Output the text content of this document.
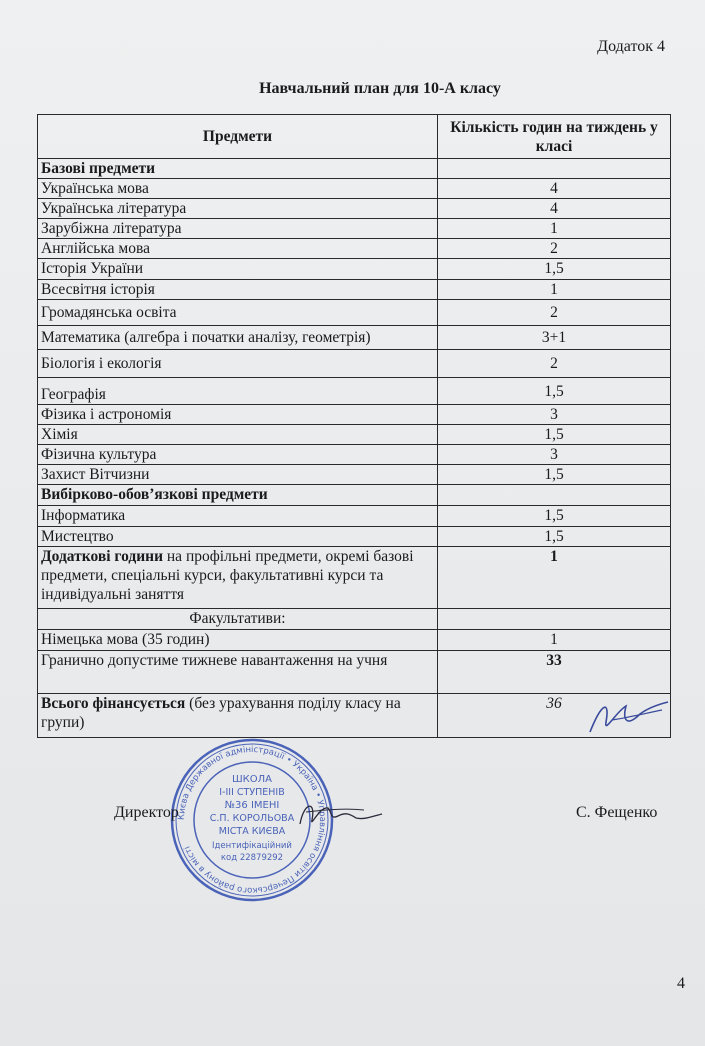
Додаток 4
Навчальний план для 10-А класу
Предмети	Кількість годин на тиждень у класі
Базові предмети	
Українська мова	4
Українська література	4
Зарубіжна література	1
Англійська мова	2
Історія України	1,5
Всесвітня історія	1
Громадянська освіта	2
Математика (алгебра і початки аналізу, геометрія)	3+1
Біологія і екологія	2
Географія	1,5
Фізика і астрономія	3
Хімія	1,5
Фізична культура	3
Захист Вітчизни	1,5
Вибірково-обов’язкові предмети	
Інформатика	1,5
Мистецтво	1,5
Додаткові години на профільні предмети, окремі базові предмети, спеціальні курси, факультативні курси та індивідуальні заняття	1
Факультативи:	
Німецька мова (35 годин)	1
Гранично допустиме тижневе навантаження на учня	33
Всього фінансується (без урахування поділу класу на групи)	36
Києва Державної адміністрації • Україна • Управління освіти Печерського району в місті
ШКОЛА
І-ІІІ СТУПЕНІВ
№36 ІМЕНІ
С.П. КОРОЛЬОВА
МІСТА КИЄВА
Ідентифікаційний
код 22879292
Директор	С. Фещенко
4
